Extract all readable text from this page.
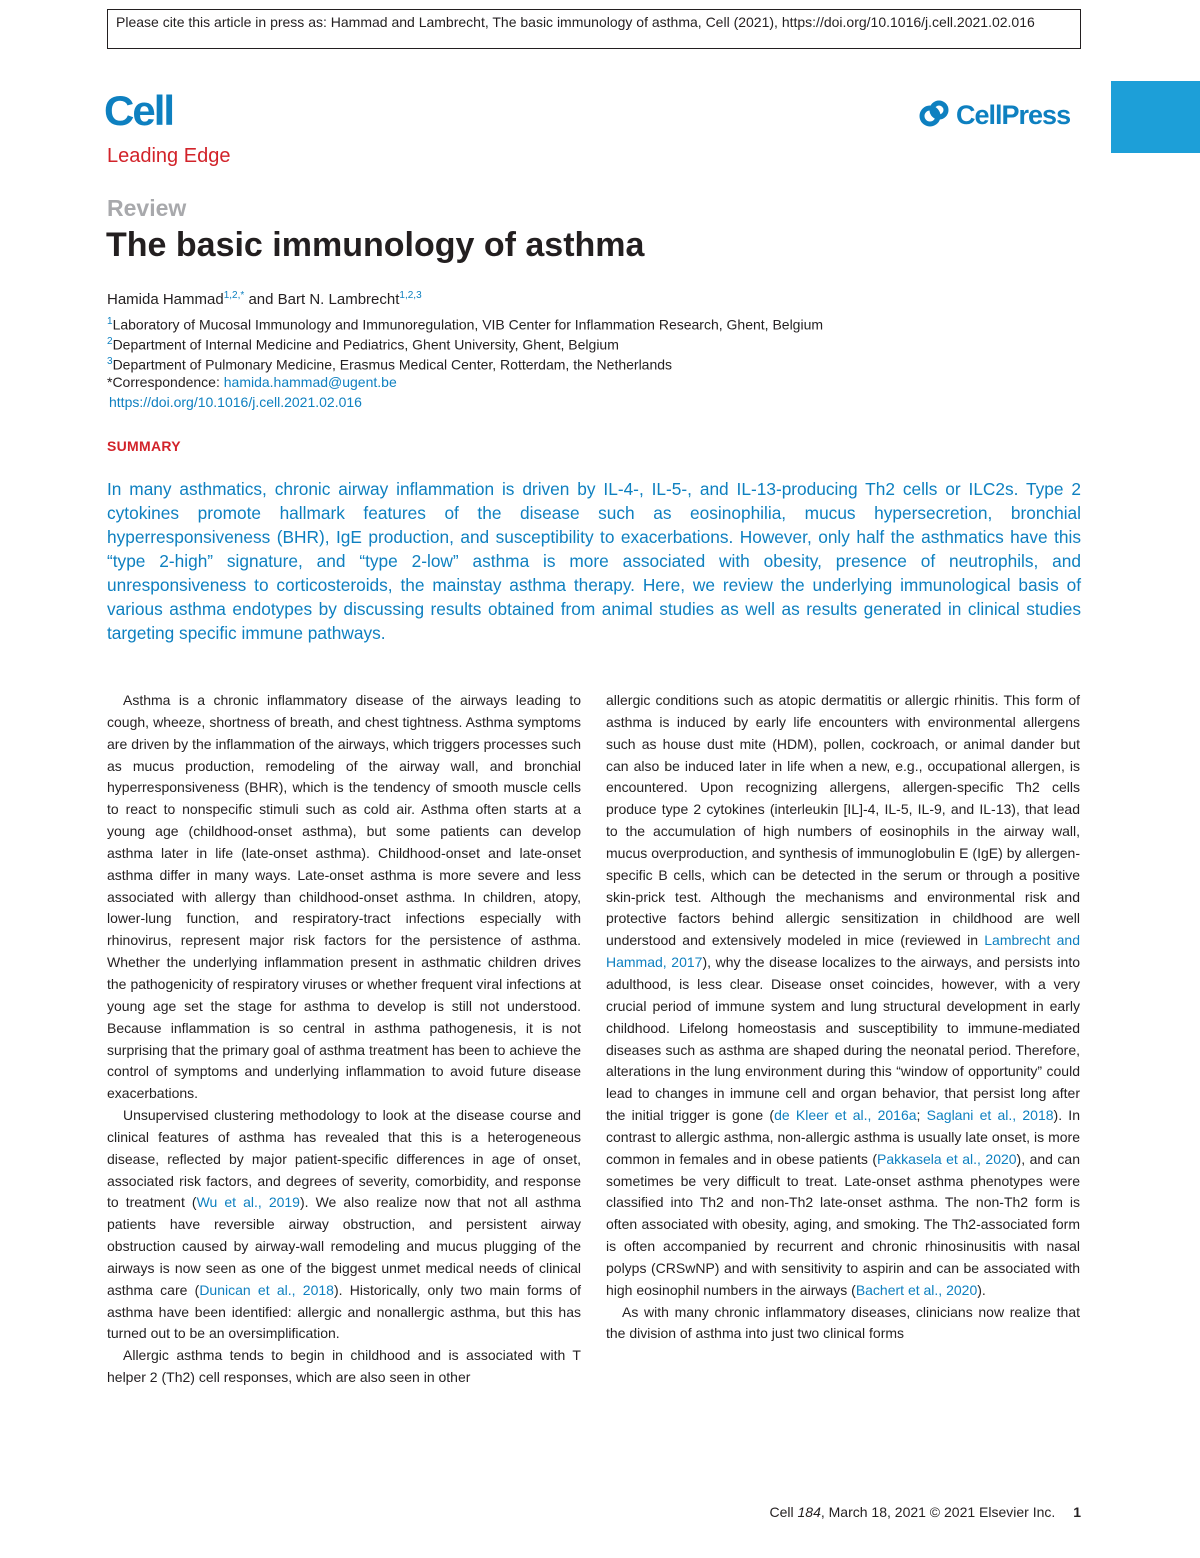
Please cite this article in press as: Hammad and Lambrecht, The basic immunology of asthma, Cell (2021), https://doi.org/10.1016/j.cell.2021.02.016
Cell
Leading Edge
CellPress
Review
The basic immunology of asthma
Hamida Hammad$^{1,2,*}$ and Bart N. Lambrecht$^{1,2,3}$
$^1$Laboratory of Mucosal Immunology and Immunoregulation, VIB Center for Inflammation Research, Ghent, Belgium
$^2$Department of Internal Medicine and Pediatrics, Ghent University, Ghent, Belgium
$^3$Department of Pulmonary Medicine, Erasmus Medical Center, Rotterdam, the Netherlands
*Correspondence: hamida.hammad@ugent.be
https://doi.org/10.1016/j.cell.2021.02.016
SUMMARY

In many asthmatics, chronic airway inflammation is driven by IL-4-, IL-5-, and IL-13-producing Th2 cells or ILC2s. Type 2 cytokines promote hallmark features of the disease such as eosinophilia, mucus hypersecretion, bronchial hyperresponsiveness (BHR), IgE production, and susceptibility to exacerbations. However, only half the asthmatics have this “type 2-high” signature, and “type 2-low” asthma is more associated with obesity, presence of neutrophils, and unresponsiveness to corticosteroids, the mainstay asthma therapy. Here, we review the underlying immunological basis of various asthma endotypes by discussing results obtained from animal studies as well as results generated in clinical studies targeting specific immune pathways.

Asthma is a chronic inflammatory disease of the airways leading to cough, wheeze, shortness of breath, and chest tightness. Asthma symptoms are driven by the inflammation of the airways, which triggers processes such as mucus production, remodeling of the airway wall, and bronchial hyperresponsiveness (BHR), which is the tendency of smooth muscle cells to react to nonspecific stimuli such as cold air. Asthma often starts at a young age (childhood-onset asthma), but some patients can develop asthma later in life (late-onset asthma). Childhood-onset and late-onset asthma differ in many ways. Late-onset asthma is more severe and less associated with allergy than childhood-onset asthma. In children, atopy, lower-lung function, and respiratory-tract infections especially with rhinovirus, represent major risk factors for the persistence of asthma. Whether the underlying inflammation present in asthmatic children drives the pathogenicity of respiratory viruses or whether frequent viral infections at young age set the stage for asthma to develop is still not understood. Because inflammation is so central in asthma pathogenesis, it is not surprising that the primary goal of asthma treatment has been to achieve the control of symptoms and underlying inflammation to avoid future disease exacerbations.

Unsupervised clustering methodology to look at the disease course and clinical features of asthma has revealed that this is a heterogeneous disease, reflected by major patient-specific differences in age of onset, associated risk factors, and degrees of severity, comorbidity, and response to treatment (Wu et al., 2019). We also realize now that not all asthma patients have reversible airway obstruction, and persistent airway obstruction caused by airway-wall remodeling and mucus plugging of the airways is now seen as one of the biggest unmet medical needs of clinical asthma care (Dunican et al., 2018). Historically, only two main forms of asthma have been identified: allergic and nonallergic asthma, but this has turned out to be an oversimplification.

Allergic asthma tends to begin in childhood and is associated with T helper 2 (Th2) cell responses, which are also seen in other

allergic conditions such as atopic dermatitis or allergic rhinitis. This form of asthma is induced by early life encounters with environmental allergens such as house dust mite (HDM), pollen, cockroach, or animal dander but can also be induced later in life when a new, e.g., occupational allergen, is encountered. Upon recognizing allergens, allergen-specific Th2 cells produce type 2 cytokines (interleukin [IL]-4, IL-5, IL-9, and IL-13), that lead to the accumulation of high numbers of eosinophils in the airway wall, mucus overproduction, and synthesis of immunoglobulin E (IgE) by allergen-specific B cells, which can be detected in the serum or through a positive skin-prick test. Although the mechanisms and environmental risk and protective factors behind allergic sensitization in childhood are well understood and extensively modeled in mice (reviewed in Lambrecht and Hammad, 2017), why the disease localizes to the airways, and persists into adulthood, is less clear. Disease onset coincides, however, with a very crucial period of immune system and lung structural development in early childhood. Lifelong homeostasis and susceptibility to immune-mediated diseases such as asthma are shaped during the neonatal period. Therefore, alterations in the lung environment during this “window of opportunity” could lead to changes in immune cell and organ behavior, that persist long after the initial trigger is gone (de Kleer et al., 2016a; Saglani et al., 2018). In contrast to allergic asthma, non-allergic asthma is usually late onset, is more common in females and in obese patients (Pakkasela et al., 2020), and can sometimes be very difficult to treat. Late-onset asthma phenotypes were classified into Th2 and non-Th2 late-onset asthma. The non-Th2 form is often associated with obesity, aging, and smoking. The Th2-associated form is often accompanied by recurrent and chronic rhinosinusitis with nasal polyps (CRSwNP) and with sensitivity to aspirin and can be associated with high eosinophil numbers in the airways (Bachert et al., 2020).

As with many chronic inflammatory diseases, clinicians now realize that the division of asthma into just two clinical forms

Cell 184, March 18, 2021 © 2021 Elsevier Inc. 1
